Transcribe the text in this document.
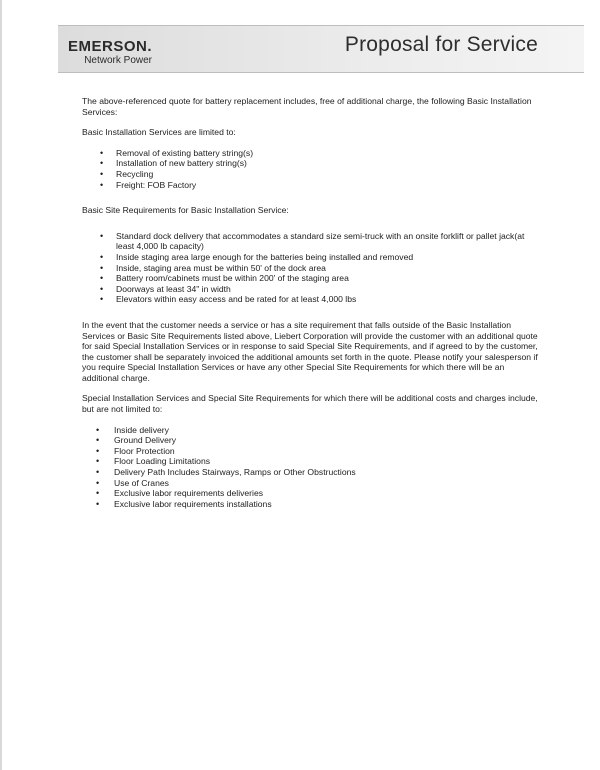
EMERSON.
Network Power
Proposal for Service

The above-referenced quote for battery replacement includes, free of additional charge, the following Basic Installation Services:

Basic Installation Services are limited to:

• Removal of existing battery string(s)
• Installation of new battery string(s)
• Recycling
• Freight: FOB Factory

Basic Site Requirements for Basic Installation Service:

• Standard dock delivery that accommodates a standard size semi-truck with an onsite forklift or pallet jack(at least 4,000 lb capacity)
• Inside staging area large enough for the batteries being installed and removed
• Inside, staging area must be within 50' of the dock area
• Battery room/cabinets must be within 200' of the staging area
• Doorways at least 34" in width
• Elevators within easy access and be rated for at least 4,000 lbs

In the event that the customer needs a service or has a site requirement that falls outside of the Basic Installation Services or Basic Site Requirements listed above, Liebert Corporation will provide the customer with an additional quote for said Special Installation Services or in response to said Special Site Requirements, and if agreed to by the customer, the customer shall be separately invoiced the additional amounts set forth in the quote. Please notify your salesperson if you require Special Installation Services or have any other Special Site Requirements for which there will be an additional charge.

Special Installation Services and Special Site Requirements for which there will be additional costs and charges include, but are not limited to:

• Inside delivery
• Ground Delivery
• Floor Protection
• Floor Loading Limitations
• Delivery Path Includes Stairways, Ramps or Other Obstructions
• Use of Cranes
• Exclusive labor requirements deliveries
• Exclusive labor requirements installations
